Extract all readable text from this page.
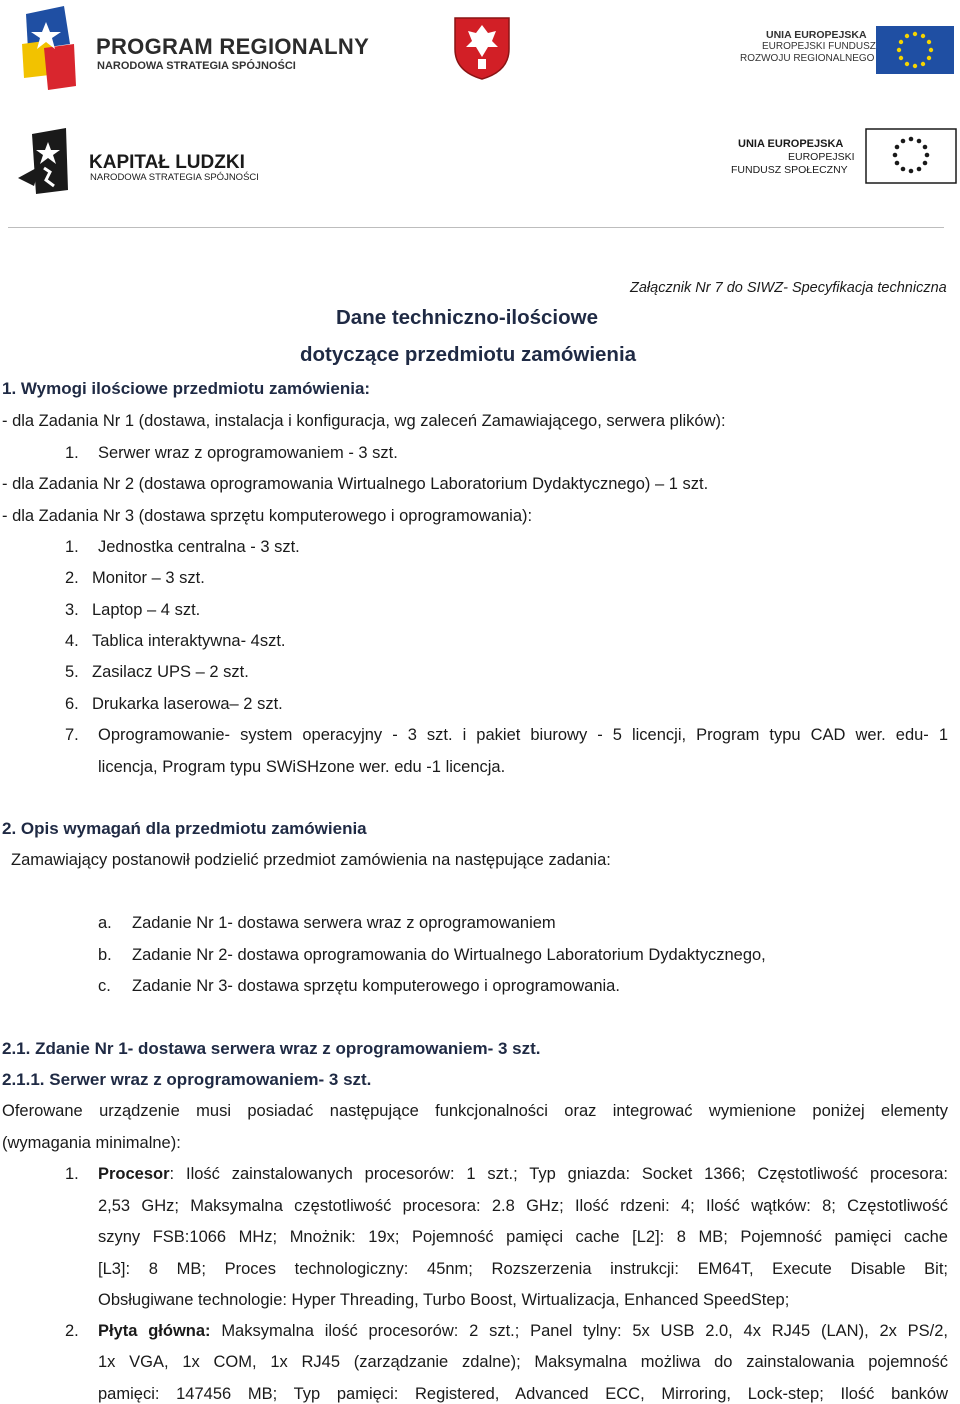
PROGRAM REGIONALNY
NARODOWA STRATEGIA SPÓJNOŚCI
UNIA EUROPEJSKA
EUROPEJSKI FUNDUSZ
ROZWOJU REGIONALNEGO
KAPITAŁ LUDZKI
NARODOWA STRATEGIA SPÓJNOŚCI
UNIA EUROPEJSKA
EUROPEJSKI
FUNDUSZ SPOŁECZNY
Załącznik Nr 7 do SIWZ- Specyfikacja techniczna
Dane techniczno-ilościowe
dotyczące przedmiotu zamówienia
1. Wymogi ilościowe przedmiotu zamówienia:
- dla Zadania Nr 1 (dostawa, instalacja i konfiguracja, wg zaleceń Zamawiającego, serwera plików):
1. Serwer wraz z oprogramowaniem - 3 szt.
- dla Zadania Nr 2 (dostawa oprogramowania Wirtualnego Laboratorium Dydaktycznego) – 1 szt.
- dla Zadania Nr 3 (dostawa sprzętu komputerowego i oprogramowania):
1. Jednostka centralna - 3 szt.
2. Monitor – 3 szt.
3. Laptop – 4 szt.
4. Tablica interaktywna- 4szt.
5. Zasilacz UPS – 2 szt.
6. Drukarka laserowa– 2 szt.
7. Oprogramowanie- system operacyjny - 3 szt. i pakiet biurowy - 5 licencji, Program typu CAD wer. edu- 1
licencja, Program typu SWiSHzone wer. edu -1 licencja.
2. Opis wymagań dla przedmiotu zamówienia
Zamawiający postanowił podzielić przedmiot zamówienia na następujące zadania:
a. Zadanie Nr 1- dostawa serwera wraz z oprogramowaniem
b. Zadanie Nr 2- dostawa oprogramowania do Wirtualnego Laboratorium Dydaktycznego,
c. Zadanie Nr 3- dostawa sprzętu komputerowego i oprogramowania.
2.1. Zdanie Nr 1- dostawa serwera wraz z oprogramowaniem- 3 szt.
2.1.1. Serwer wraz z oprogramowaniem- 3 szt.
Oferowane urządzenie musi posiadać następujące funkcjonalności oraz integrować wymienione poniżej elementy
(wymagania minimalne):
1. Procesor: Ilość zainstalowanych procesorów: 1 szt.; Typ gniazda: Socket 1366; Częstotliwość procesora:
2,53 GHz; Maksymalna częstotliwość procesora: 2.8 GHz; Ilość rdzeni: 4; Ilość wątków: 8; Częstotliwość
szyny FSB:1066 MHz; Mnożnik: 19x; Pojemność pamięci cache [L2]: 8 MB; Pojemność pamięci cache
[L3]: 8 MB; Proces technologiczny: 45nm; Rozszerzenia instrukcji: EM64T, Execute Disable Bit;
Obsługiwane technologie: Hyper Threading, Turbo Boost, Wirtualizacja, Enhanced SpeedStep;
2. Płyta główna: Maksymalna ilość procesorów: 2 szt.; Panel tylny: 5x USB 2.0, 4x RJ45 (LAN), 2x PS/2,
1x VGA, 1x COM, 1x RJ45 (zarządzanie zdalne); Maksymalna możliwa do zainstalowania pojemność
pamięci: 147456 MB; Typ pamięci: Registered, Advanced ECC, Mirroring, Lock-step; Ilość banków
